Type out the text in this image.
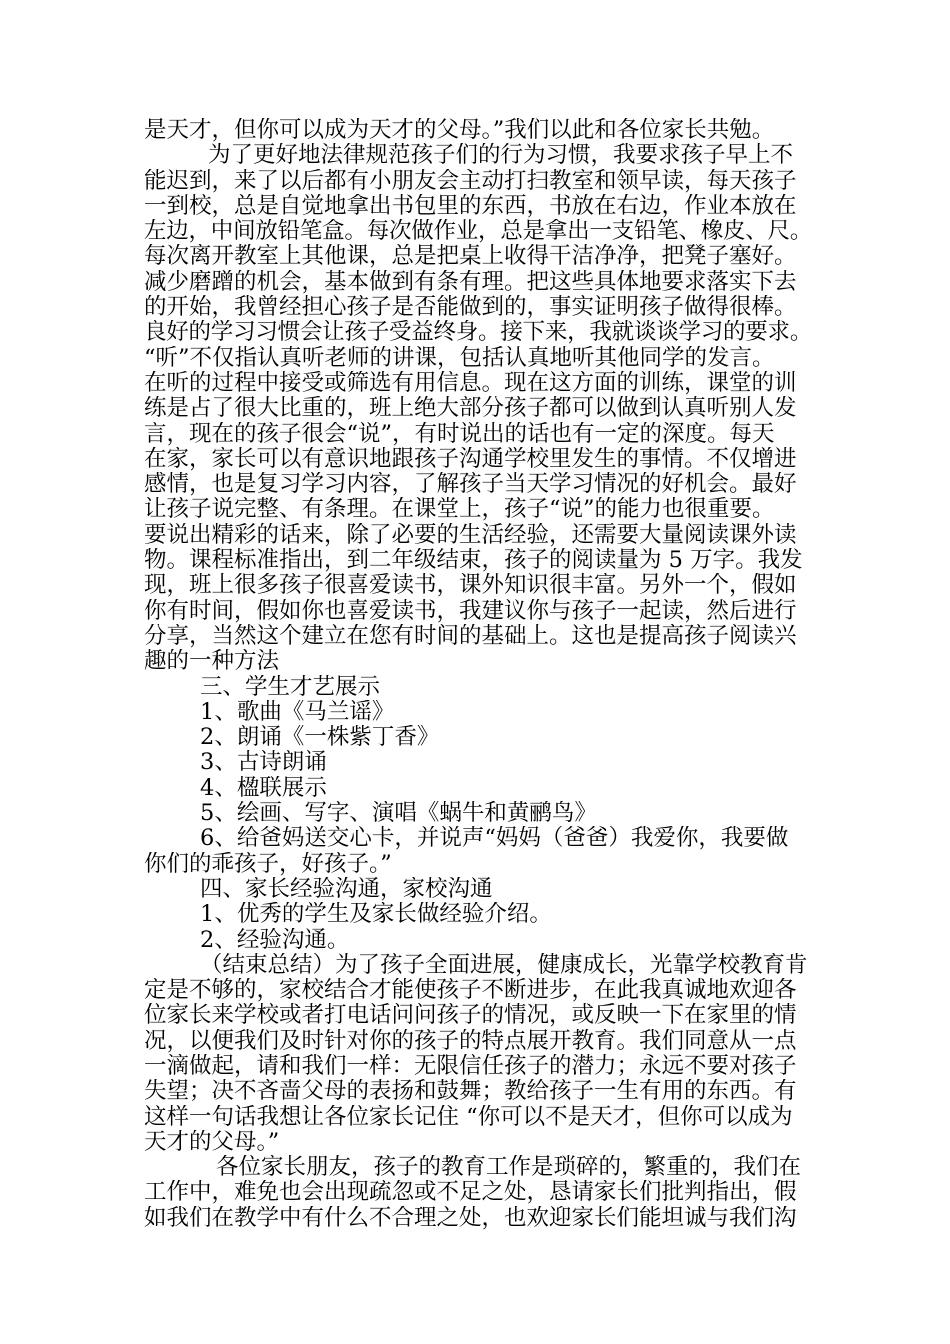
是天才，但你可以成为天才的父母。”我们以此和各位家长共勉。
为了更好地法律规范孩子们的行为习惯，我要求孩子早上不
能迟到，来了以后都有小朋友会主动打扫教室和领早读，每天孩子
一到校，总是自觉地拿出书包里的东西，书放在右边，作业本放在
左边，中间放铅笔盒。每次做作业，总是拿出一支铅笔、橡皮、尺。
每次离开教室上其他课，总是把桌上收得干洁净净，把凳子塞好。
减少磨蹭的机会，基本做到有条有理。把这些具体地要求落实下去
的开始，我曾经担心孩子是否能做到的，事实证明孩子做得很棒。
良好的学习习惯会让孩子受益终身。接下来，我就谈谈学习的要求。
“听”不仅指认真听老师的讲课，包括认真地听其他同学的发言。
在听的过程中接受或筛选有用信息。现在这方面的训练，课堂的训
练是占了很大比重的，班上绝大部分孩子都可以做到认真听别人发
言，现在的孩子很会“说”，有时说出的话也有一定的深度。每天
在家，家长可以有意识地跟孩子沟通学校里发生的事情。不仅增进
感情，也是复习学习内容，了解孩子当天学习情况的好机会。最好
让孩子说完整、有条理。在课堂上，孩子“说”的能力也很重要。
要说出精彩的话来，除了必要的生活经验，还需要大量阅读课外读
物。课程标准指出，到二年级结束，孩子的阅读量为 5 万字。我发
现，班上很多孩子很喜爱读书，课外知识很丰富。另外一个，假如
你有时间，假如你也喜爱读书，我建议你与孩子一起读，然后进行
分享，当然这个建立在您有时间的基础上。这也是提高孩子阅读兴
趣的一种方法
三、学生才艺展示
1、歌曲《马兰谣》
2、朗诵《一株紫丁香》
3、古诗朗诵
4、楹联展示
5、绘画、写字、演唱《蜗牛和黄鹂鸟》
6、给爸妈送交心卡，并说声“妈妈（爸爸）我爱你，我要做
你们的乖孩子，好孩子。”
四、家长经验沟通，家校沟通
1、优秀的学生及家长做经验介绍。
2、经验沟通。
（结束总结）为了孩子全面进展，健康成长，光靠学校教育肯
定是不够的，家校结合才能使孩子不断进步，在此我真诚地欢迎各
位家长来学校或者打电话问问孩子的情况，或反映一下在家里的情
况，以便我们及时针对你的孩子的特点展开教育。我们同意从一点
一滴做起，请和我们一样：无限信任孩子的潜力；永远不要对孩子
失望；决不吝啬父母的表扬和鼓舞；教给孩子一生有用的东西。有
这样一句话我想让各位家长记住 “你可以不是天才，但你可以成为
天才的父母。”
各位家长朋友，孩子的教育工作是琐碎的，繁重的，我们在
工作中，难免也会出现疏忽或不足之处，恳请家长们批判指出，假
如我们在教学中有什么不合理之处，也欢迎家长们能坦诚与我们沟
